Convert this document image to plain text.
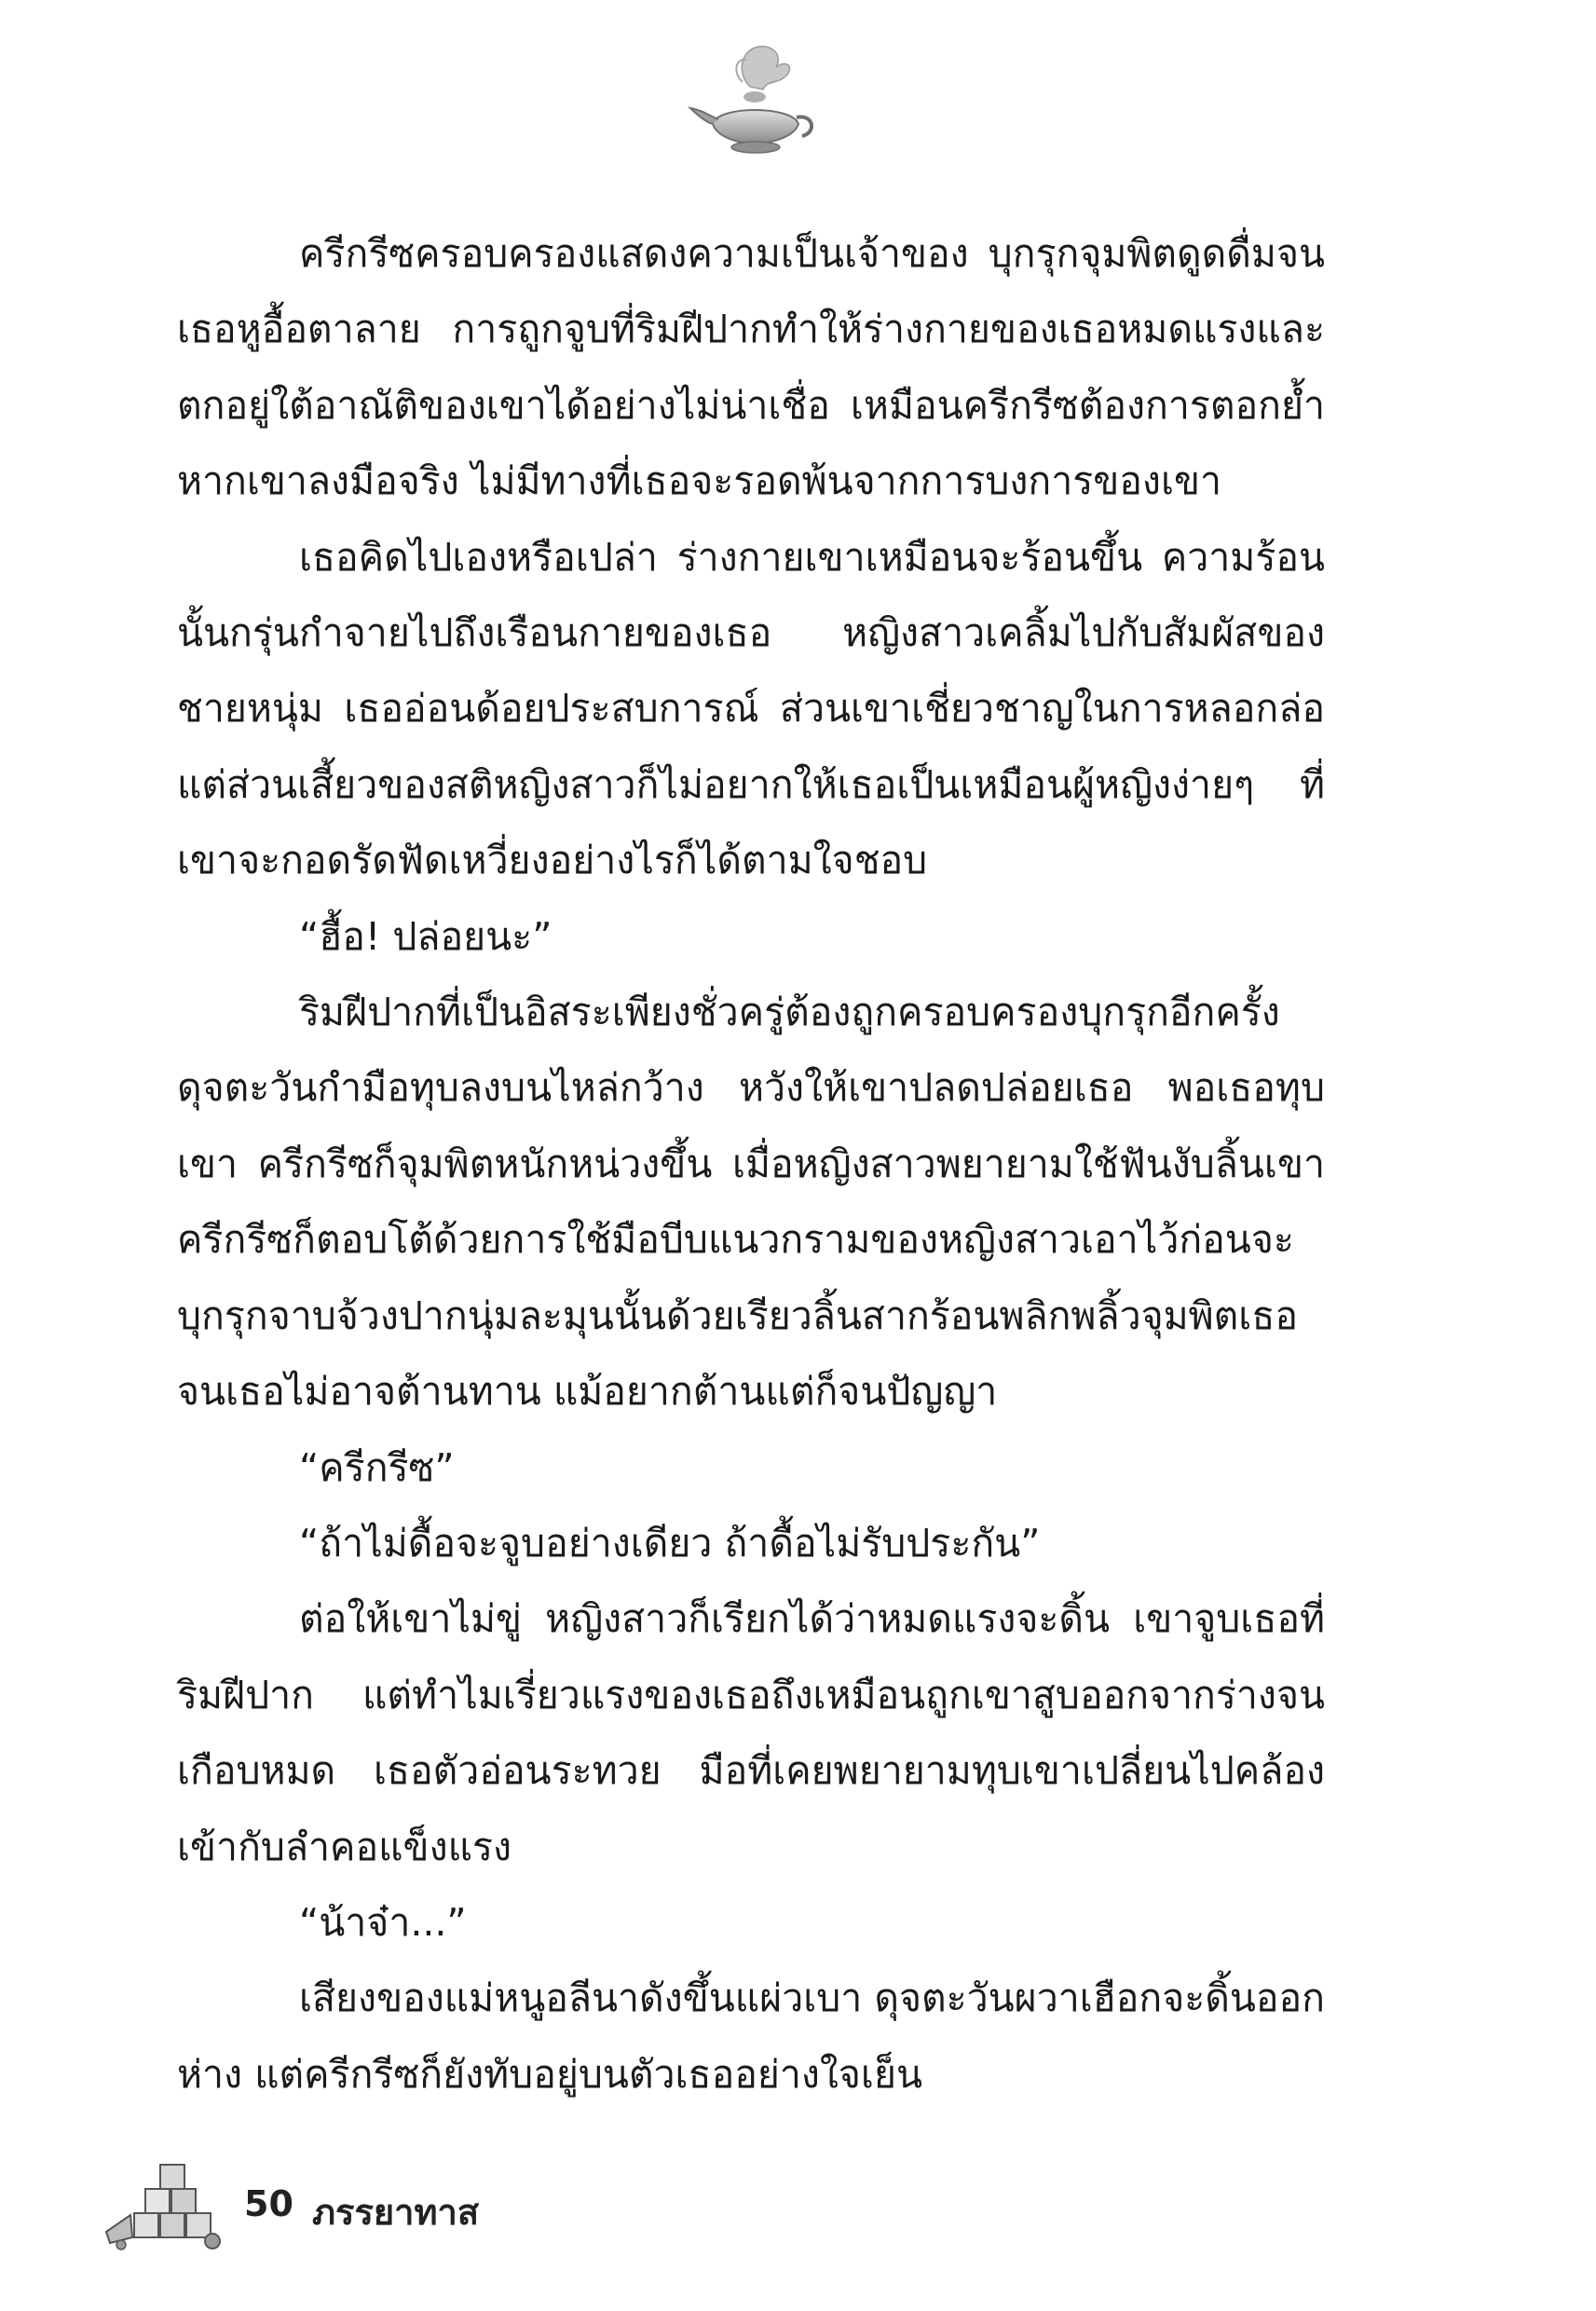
ครีกรีซครอบครองแสดงความเป็นเจ้าของ บุกรุกจุมพิตดูดดื่มจนเธอหูอื้อตาลาย การถูกจูบที่ริมฝีปากทำให้ร่างกายของเธอหมดแรงและตกอยู่ใต้อาณัติของเขาได้อย่างไม่น่าเชื่อ เหมือนครีกรีซต้องการตอกย้ำ หากเขาลงมือจริง ไม่มีทางที่เธอจะรอดพ้นจากการบงการของเขา

เธอคิดไปเองหรือเปล่า ร่างกายเขาเหมือนจะร้อนขึ้น ความร้อนนั้นกรุ่นกำจายไปถึงเรือนกายของเธอ หญิงสาวเคลิ้มไปกับสัมผัสของชายหนุ่ม เธออ่อนด้อยประสบการณ์ ส่วนเขาเชี่ยวชาญในการหลอกล่อแต่ส่วนเสี้ยวของสติหญิงสาวก็ไม่อยากให้เธอเป็นเหมือนผู้หญิงง่ายๆ ที่เขาจะกอดรัดฟัดเหวี่ยงอย่างไรก็ได้ตามใจชอบ

“ฮื้อ! ปล่อยนะ”

ริมฝีปากที่เป็นอิสระเพียงชั่วครู่ต้องถูกครอบครองบุกรุกอีกครั้งดุจตะวันกำมือทุบลงบนไหล่กว้าง หวังให้เขาปลดปล่อยเธอ พอเธอทุบเขา ครีกรีซก็จุมพิตหนักหน่วงขึ้น เมื่อหญิงสาวพยายามใช้ฟันงับลิ้นเขา ครีกรีซก็ตอบโต้ด้วยการใช้มือบีบแนวกรามของหญิงสาวเอาไว้ก่อนจะบุกรุกจาบจ้วงปากนุ่มละมุนนั้นด้วยเรียวลิ้นสากร้อนพลิกพลิ้วจุมพิตเธอจนเธอไม่อาจต้านทาน แม้อยากต้านแต่ก็จนปัญญา

“ครีกรีซ”

“ถ้าไม่ดื้อจะจูบอย่างเดียว ถ้าดื้อไม่รับประกัน”

ต่อให้เขาไม่ขู่ หญิงสาวก็เรียกได้ว่าหมดแรงจะดิ้น เขาจูบเธอที่ริมฝีปาก แต่ทำไมเรี่ยวแรงของเธอถึงเหมือนถูกเขาสูบออกจากร่างจนเกือบหมด เธอตัวอ่อนระทวย มือที่เคยพยายามทุบเขาเปลี่ยนไปคล้องเข้ากับลำคอแข็งแรง

“น้าจ๋า...”

เสียงของแม่หนูอลีนาดังขึ้นแผ่วเบา ดุจตะวันผวาเฮือกจะดิ้นออกห่าง แต่ครีกรีซก็ยังทับอยู่บนตัวเธออย่างใจเย็น

50 ภรรยาทาส
